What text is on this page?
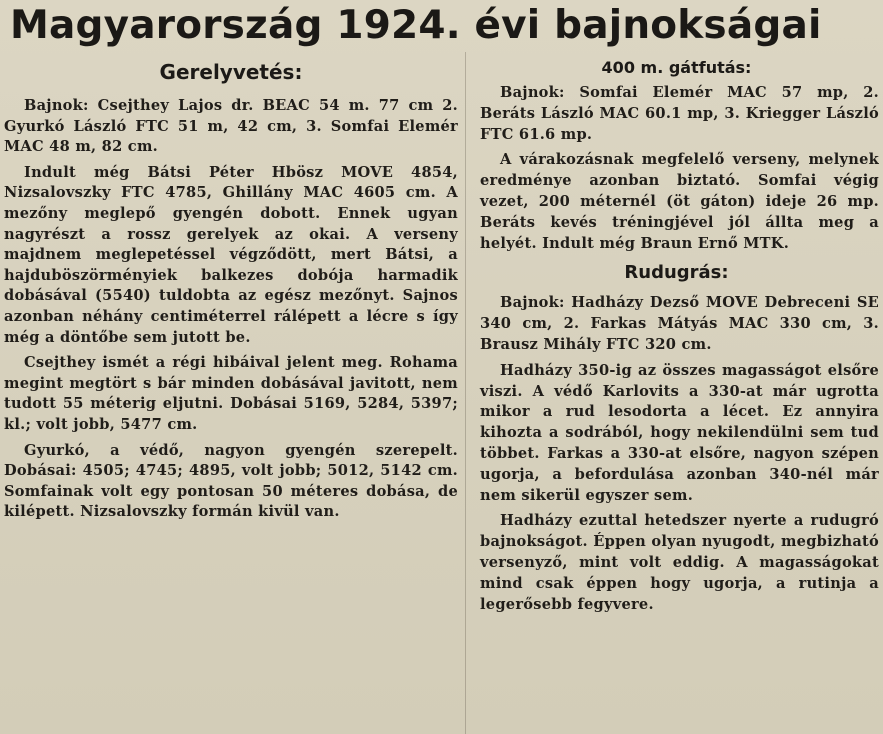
Magyarország 1924. évi bajnokságai
Gerelyvetés:

Bajnok: Csejthey Lajos dr. BEAC 54 m. 77 cm 2. Gyurkó László FTC 51 m, 42 cm, 3. Somfai Elemér MAC 48 m, 82 cm.

Indult még Bátsi Péter Hbösz MOVE 4854, Nizsalovszky FTC 4785, Ghillány MAC 4605 cm. A mezőny meglepő gyengén dobott. Ennek ugyan nagyrészt a rossz gerelyek az okai. A verseny majdnem meglepetéssel végződött, mert Bátsi, a hajduböszörményiek balkezes dobója harmadik dobásával (5540) tuldobta az egész mezőnyt. Sajnos azonban néhány centiméterrel rálépett a lécre s így még a döntőbe sem jutott be.

Csejthey ismét a régi hibáival jelent meg. Rohama megint megtört s bár minden dobásával javitott, nem tudott 55 méterig eljutni. Dobásai 5169, 5284, 5397; kl.; volt jobb, 5477 cm.

Gyurkó, a védő, nagyon gyengén szerepelt. Dobásai: 4505; 4745; 4895, volt jobb; 5012, 5142 cm. Somfainak volt egy pontosan 50 méteres dobása, de kilépett. Nizsalovszky formán kivül van.

400 m. gátfutás:

Bajnok: Somfai Elemér MAC 57 mp, 2. Beráts László MAC 60.1 mp, 3. Kriegger László FTC 61.6 mp.

A várakozásnak megfelelő verseny, melynek eredménye azonban biztató. Somfai végig vezet, 200 méternél (öt gáton) ideje 26 mp. Beráts kevés tréningjével jól állta meg a helyét. Indult még Braun Ernő MTK.

Rudugrás:

Bajnok: Hadházy Dezső MOVE Debreceni SE 340 cm, 2. Farkas Mátyás MAC 330 cm, 3. Brausz Mihály FTC 320 cm.

Hadházy 350-ig az összes magasságot elsőre viszi. A védő Karlovits a 330-at már ugrotta mikor a rud lesodorta a lécet. Ez annyira kihozta a sodrából, hogy nekilendülni sem tud többet. Farkas a 330-at elsőre, nagyon szépen ugorja, a befordulása azonban 340-nél már nem sikerül egyszer sem.

Hadházy ezuttal hetedszer nyerte a rudugró bajnokságot. Éppen olyan nyugodt, megbizható versenyző, mint volt eddig. A magasságokat mind csak éppen hogy ugorja, a rutinja a legerősebb fegyvere.
